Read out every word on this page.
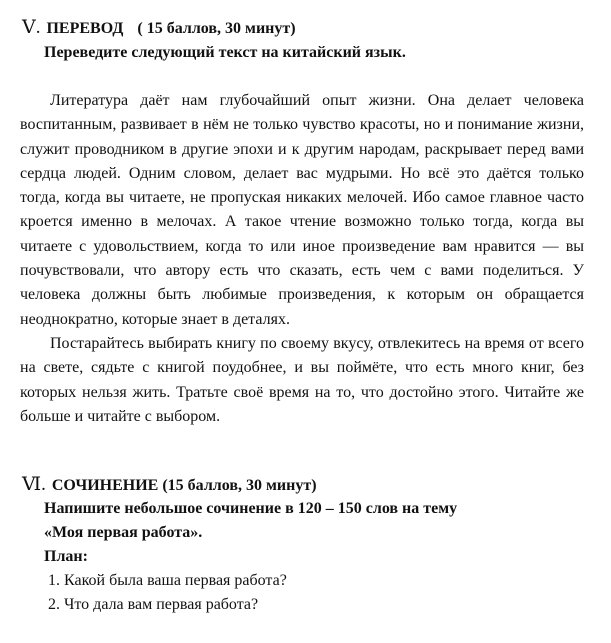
Ⅴ. ПЕРЕВОД ( 15 баллов, 30 минут)
Переведите следующий текст на китайский язык.

Литература даёт нам глубочайший опыт жизни. Она делает человека воспитанным, развивает в нём не только чувство красоты, но и понимание жизни, служит проводником в другие эпохи и к другим народам, раскрывает перед вами сердца людей. Одним словом, делает вас мудрыми. Но всё это даётся только тогда, когда вы читаете, не пропуская никаких мелочей. Ибо самое главное часто кроется именно в мелочах. А такое чтение возможно только тогда, когда вы читаете с удовольствием, когда то или иное произведение вам нравится — вы почувствовали, что автору есть что сказать, есть чем с вами поделиться. У человека должны быть любимые произведения, к которым он обращается неоднократно, которые знает в деталях.

Постарайтесь выбирать книгу по своему вкусу, отвлекитесь на время от всего на свете, сядьте с книгой поудобнее, и вы поймёте, что есть много книг, без которых нельзя жить. Тратьте своё время на то, что достойно этого. Читайте же больше и читайте с выбором.

Ⅵ. СОЧИНЕНИЕ (15 баллов, 30 минут)
Напишите небольшое сочинение в 120 – 150 слов на тему
«Моя первая работа».
План:
1. Какой была ваша первая работа?
2. Что дала вам первая работа?
